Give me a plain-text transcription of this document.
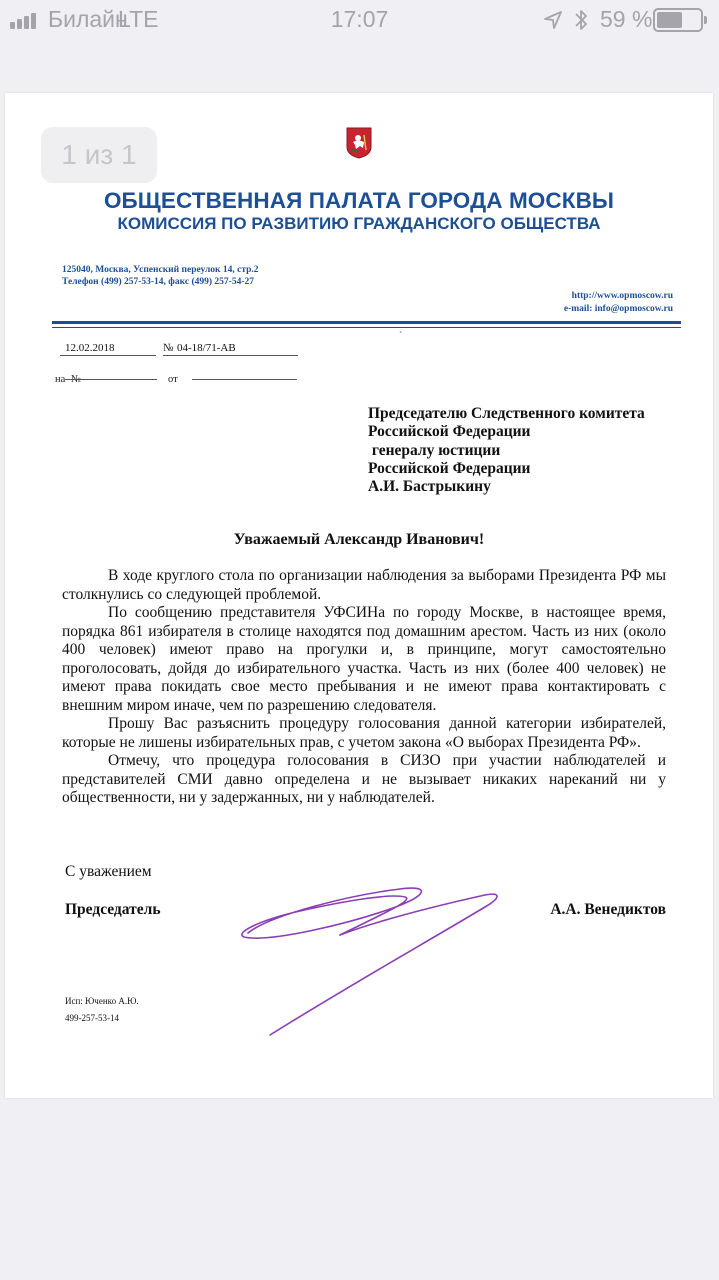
Билайн
LTE	17:07	59 %
1 из 1
ОБЩЕСТВЕННАЯ ПАЛАТА ГОРОДА МОСКВЫ
КОМИССИЯ ПО РАЗВИТИЮ ГРАЖДАНСКОГО ОБЩЕСТВА
125040, Москва, Успенский переулок 14, стр.2
Телефон (499) 257-53-14, факс (499) 257-54-27
http://www.opmoscow.ru
e-mail: info@opmoscow.ru
`
12.02.2018	№ 04-18/71-АВ
на №	от
Председателю Следственного комитета
Российской Федерации
генералу юстиции
Российской Федерации
А.И. Бастрыкину
Уважаемый Александр Иванович!

В ходе круглого стола по организации наблюдения за выборами Президента РФ мы столкнулись со следующей проблемой.

По сообщению представителя УФСИНа по городу Москве, в настоящее время, порядка 861 избирателя в столице находятся под домашним арестом. Часть из них (около 400 человек) имеют право на прогулки и, в принципе, могут самостоятельно проголосовать, дойдя до избирательного участка. Часть из них (более 400 человек) не имеют права покидать свое место пребывания и не имеют права контактировать с внешним миром иначе, чем по разрешению следователя.

Прошу Вас разъяснить процедуру голосования данной категории избирателей, которые не лишены избирательных прав, с учетом закона «О выборах Президента РФ».

Отмечу, что процедура голосования в СИЗО при участии наблюдателей и представителей СМИ давно определена и не вызывает никаких нареканий ни у общественности, ни у задержанных, ни у наблюдателей.

С уважением
Председатель	А.А. Венедиктов
Исп: Юченко А.Ю.
499-257-53-14
